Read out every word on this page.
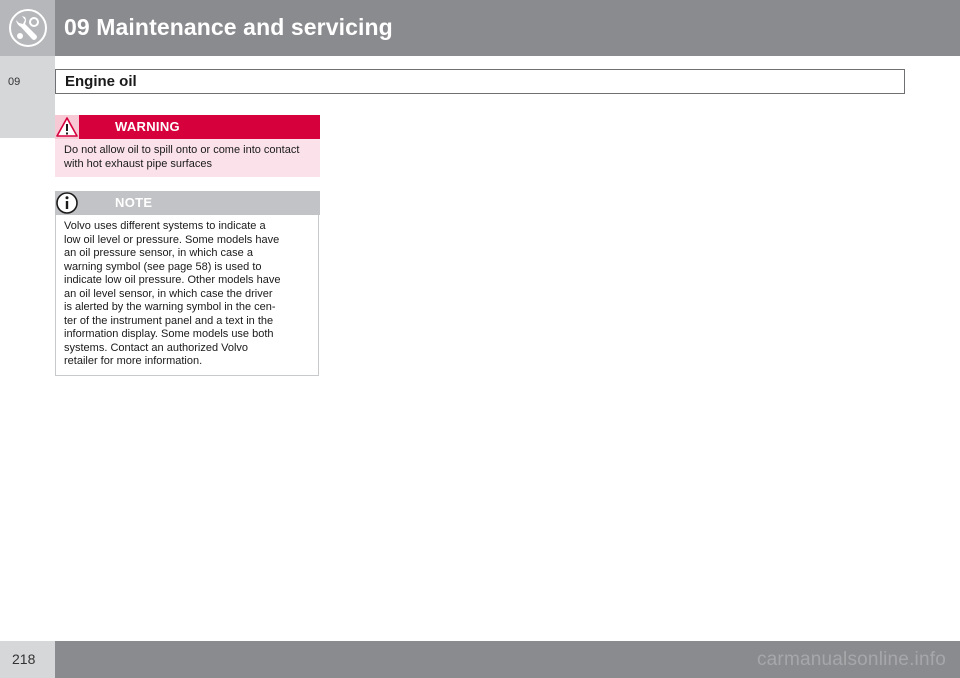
09 Maintenance and servicing
09	Engine oil
WARNING
Do not allow oil to spill onto or come into contact with hot exhaust pipe surfaces
NOTE
Volvo uses different systems to indicate a
low oil level or pressure. Some models have
an oil pressure sensor, in which case a
warning symbol (see page 58) is used to
indicate low oil pressure. Other models have
an oil level sensor, in which case the driver
is alerted by the warning symbol in the cen-
ter of the instrument panel and a text in the
information display. Some models use both
systems. Contact an authorized Volvo
retailer for more information.
218	carmanualsonline.info
